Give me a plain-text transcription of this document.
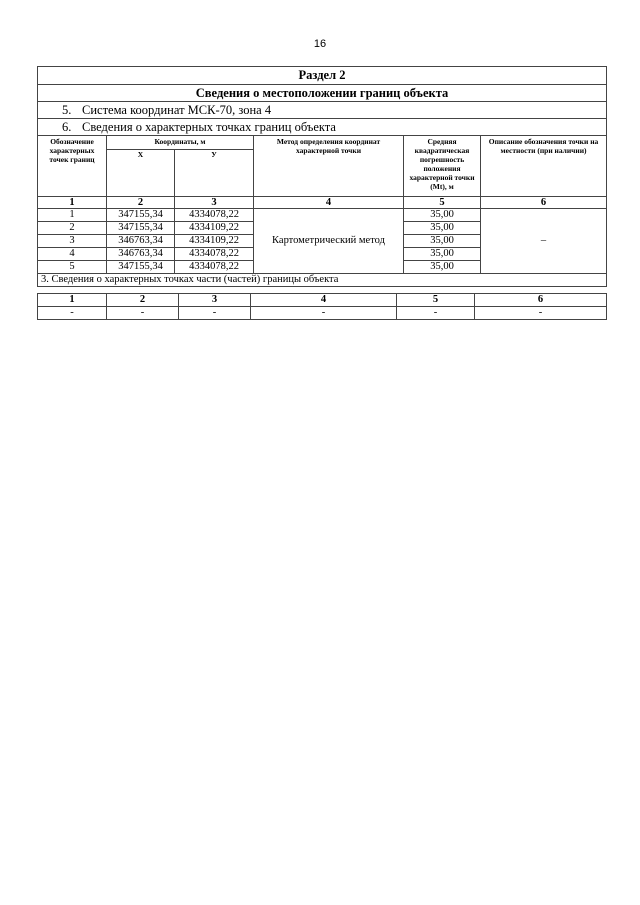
16
Раздел 2					
Сведения о местоположении границ объекта					
5. Система координат МСК-70, зона 4					
6. Сведения о характерных точках границ объекта					
Обозначение характерных точек границ	Координаты, м		Метод определения координат характерной точки	Средняя квадратическая погрешность положения характерной точки (Mt), м	Описание обозначения точки на местности (при наличии)
	X	У			
1	2	3	4	5	6
1	347155,34	4334078,22	Картометрический метод	35,00	–
2	347155,34	4334109,22		35,00	
3	346763,34	4334109,22		35,00	
4	346763,34	4334078,22		35,00	
5	347155,34	4334078,22		35,00	
3. Сведения о характерных точках части (частей) границы объекта					
1	2	3	4	5	6
-	-	-	-	-	-
